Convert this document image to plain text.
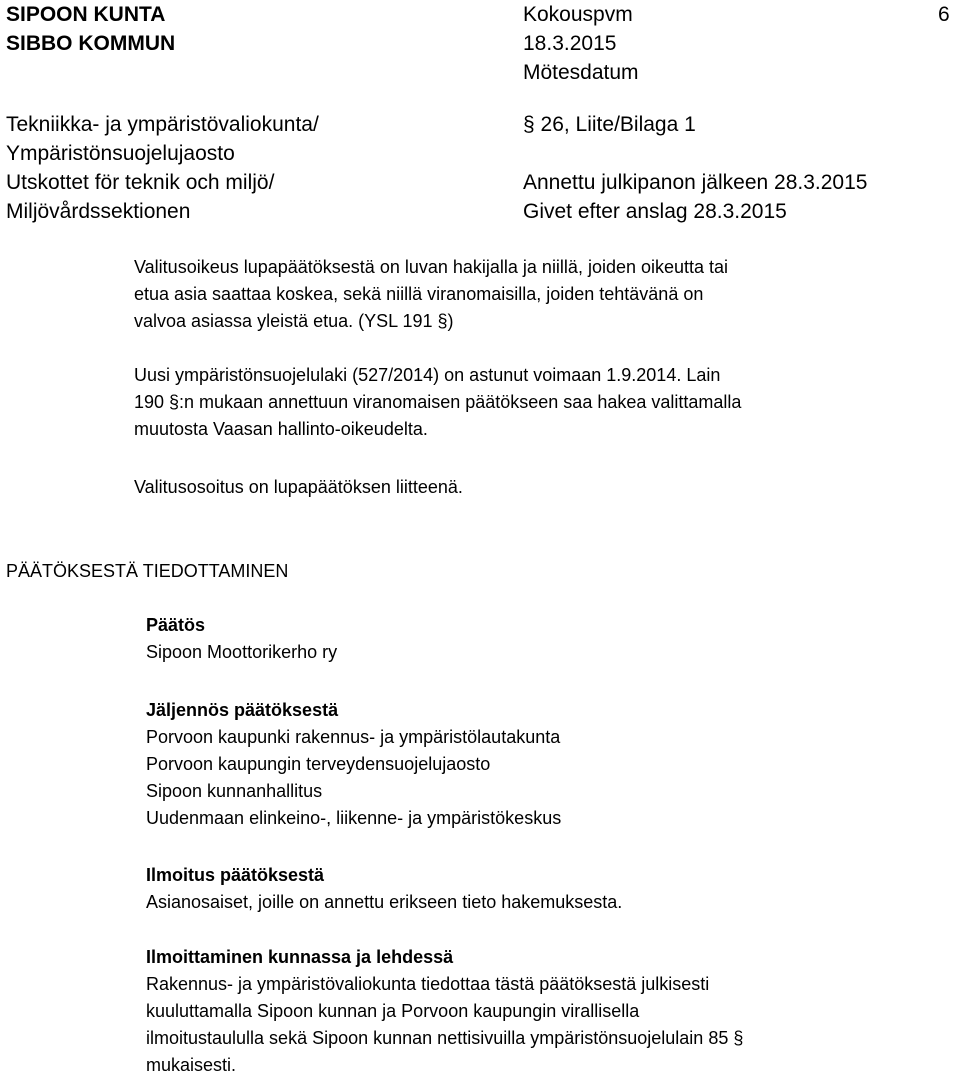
SIPOON KUNTA
SIBBO KOMMUN
Kokouspvm
18.3.2015
Mötesdatum
6
Tekniikka- ja ympäristövaliokunta/
Ympäristönsuojelujaosto
Utskottet för teknik och miljö/
Miljövårdssektionen
§ 26, Liite/Bilaga 1
Annettu julkipanon jälkeen 28.3.2015
Givet efter anslag 28.3.2015
Valitusoikeus lupapäätöksestä on luvan hakijalla ja niillä, joiden oikeutta tai
etua asia saattaa koskea, sekä niillä viranomaisilla, joiden tehtävänä on
valvoa asiassa yleistä etua. (YSL 191 §)
Uusi ympäristönsuojelulaki (527/2014) on astunut voimaan 1.9.2014. Lain
190 §:n mukaan annettuun viranomaisen päätökseen saa hakea valittamalla
muutosta Vaasan hallinto-oikeudelta.
Valitusosoitus on lupapäätöksen liitteenä.
PÄÄTÖKSESTÄ TIEDOTTAMINEN
Päätös
Sipoon Moottorikerho ry
Jäljennös päätöksestä
Porvoon kaupunki rakennus- ja ympäristölautakunta
Porvoon kaupungin terveydensuojelujaosto
Sipoon kunnanhallitus
Uudenmaan elinkeino-, liikenne- ja ympäristökeskus
Ilmoitus päätöksestä
Asianosaiset, joille on annettu erikseen tieto hakemuksesta.
Ilmoittaminen kunnassa ja lehdessä
Rakennus- ja ympäristövaliokunta tiedottaa tästä päätöksestä julkisesti
kuuluttamalla Sipoon kunnan ja Porvoon kaupungin virallisella
ilmoitustaululla sekä Sipoon kunnan nettisivuilla ympäristönsuojelulain 85 §
mukaisesti.
